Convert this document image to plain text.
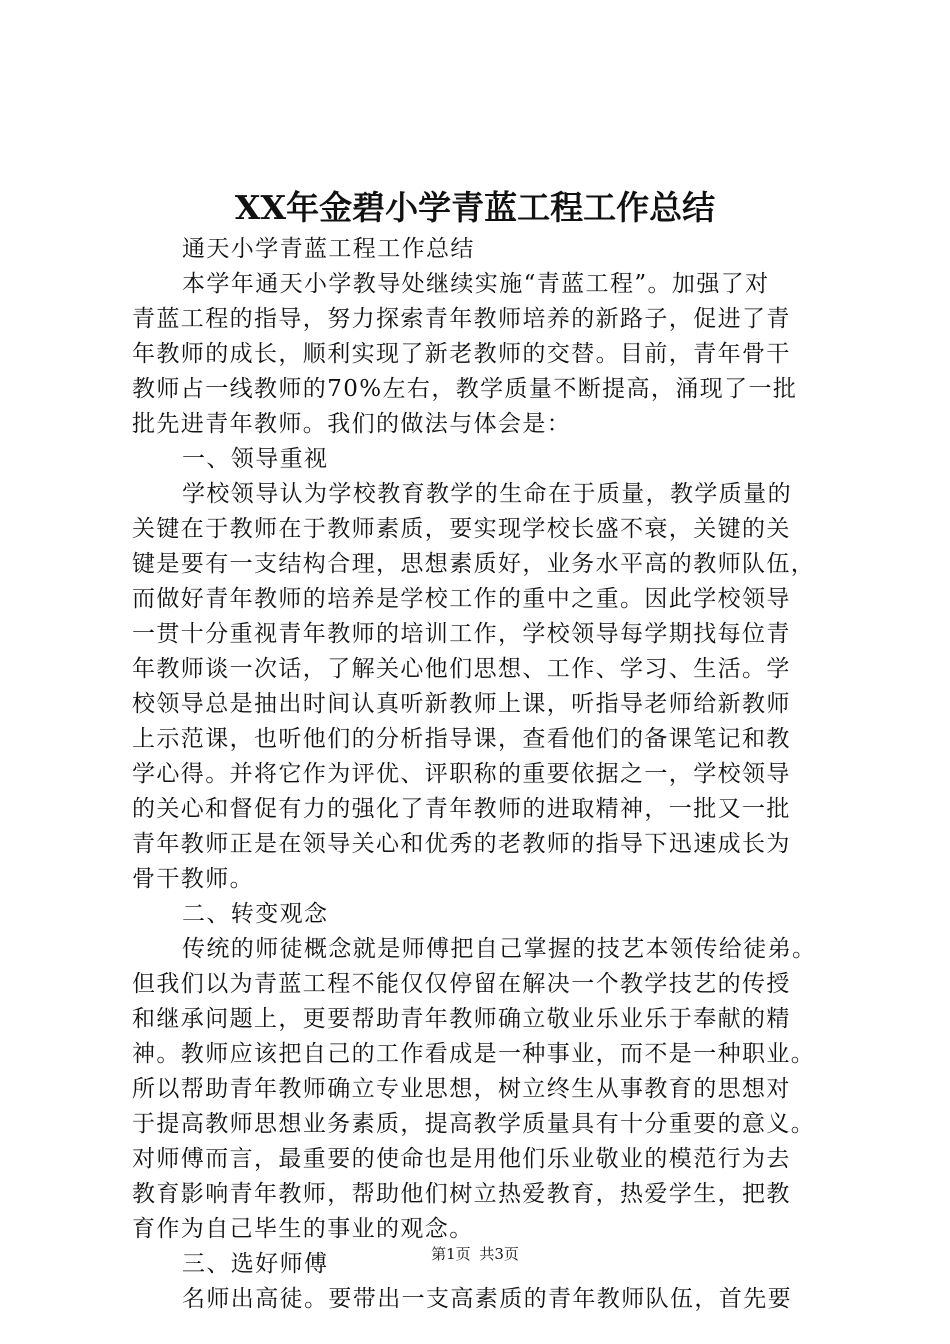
XX年金碧小学青蓝工程工作总结
通天小学青蓝工程工作总结
本学年通天小学教导处继续实施“青蓝工程”。加强了对
青蓝工程的指导，努力探索青年教师培养的新路子，促进了青
年教师的成长，顺利实现了新老教师的交替。目前，青年骨干
教师占一线教师的70%左右，教学质量不断提高，涌现了一批
批先进青年教师。我们的做法与体会是：
一、领导重视
学校领导认为学校教育教学的生命在于质量，教学质量的
关键在于教师在于教师素质，要实现学校长盛不衰，关键的关
键是要有一支结构合理，思想素质好，业务水平高的教师队伍，
而做好青年教师的培养是学校工作的重中之重。因此学校领导
一贯十分重视青年教师的培训工作，学校领导每学期找每位青
年教师谈一次话，了解关心他们思想、工作、学习、生活。学
校领导总是抽出时间认真听新教师上课，听指导老师给新教师
上示范课，也听他们的分析指导课，查看他们的备课笔记和教
学心得。并将它作为评优、评职称的重要依据之一，学校领导
的关心和督促有力的强化了青年教师的进取精神，一批又一批
青年教师正是在领导关心和优秀的老教师的指导下迅速成长为
骨干教师。
二、转变观念
传统的师徒概念就是师傅把自己掌握的技艺本领传给徒弟。
但我们以为青蓝工程不能仅仅停留在解决一个教学技艺的传授
和继承问题上，更要帮助青年教师确立敬业乐业乐于奉献的精
神。教师应该把自己的工作看成是一种事业，而不是一种职业。
所以帮助青年教师确立专业思想，树立终生从事教育的思想对
于提高教师思想业务素质，提高教学质量具有十分重要的意义。
对师傅而言，最重要的使命也是用他们乐业敬业的模范行为去
教育影响青年教师，帮助他们树立热爱教育，热爱学生，把教
育作为自己毕生的事业的观念。
三、选好师傅
名师出高徒。要带出一支高素质的青年教师队伍，首先要
第1页 共3页
